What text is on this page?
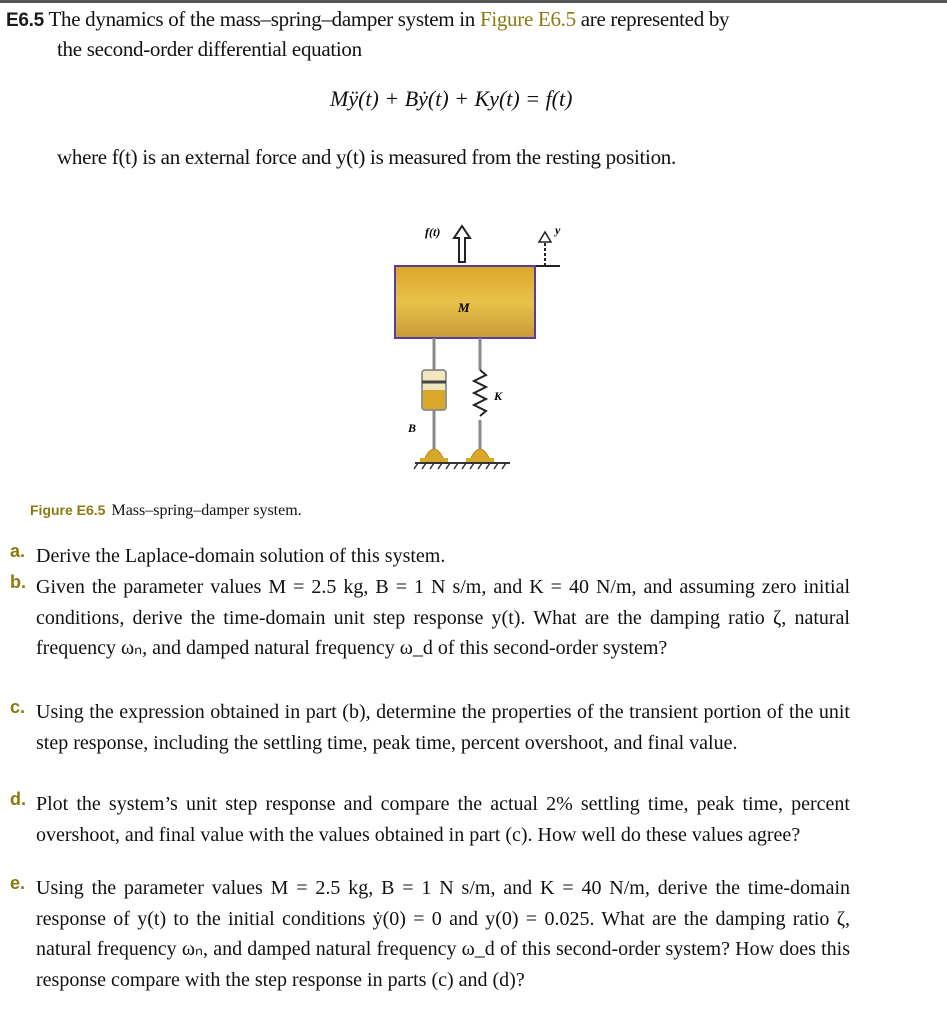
E6.5 The dynamics of the mass–spring–damper system in Figure E6.5 are represented by
the second-order differential equation
Mÿ(t) + Bẏ(t) + Ky(t) = f(t)
where f(t) is an external force and y(t) is measured from the resting position.
f(t)	y
M
B
K
Figure E6.5 Mass–spring–damper system.
a. Derive the Laplace-domain solution of this system.
b. Given the parameter values M = 2.5 kg, B = 1 N s/m, and K = 40 N/m, and assuming zero initial conditions, derive the time-domain unit step response y(t). What are the damping ratio ζ, natural frequency ωₙ, and damped natural frequency ω_d of this second-order system?
c. Using the expression obtained in part (b), determine the properties of the transient portion of the unit step response, including the settling time, peak time, percent overshoot, and final value.
d. Plot the system’s unit step response and compare the actual 2% settling time, peak time, percent overshoot, and final value with the values obtained in part (c). How well do these values agree?
e. Using the parameter values M = 2.5 kg, B = 1 N s/m, and K = 40 N/m, derive the time-domain response of y(t) to the initial conditions ẏ(0) = 0 and y(0) = 0.025. What are the damping ratio ζ, natural frequency ωₙ, and damped natural frequency ω_d of this second-order system? How does this response compare with the step response in parts (c) and (d)?
